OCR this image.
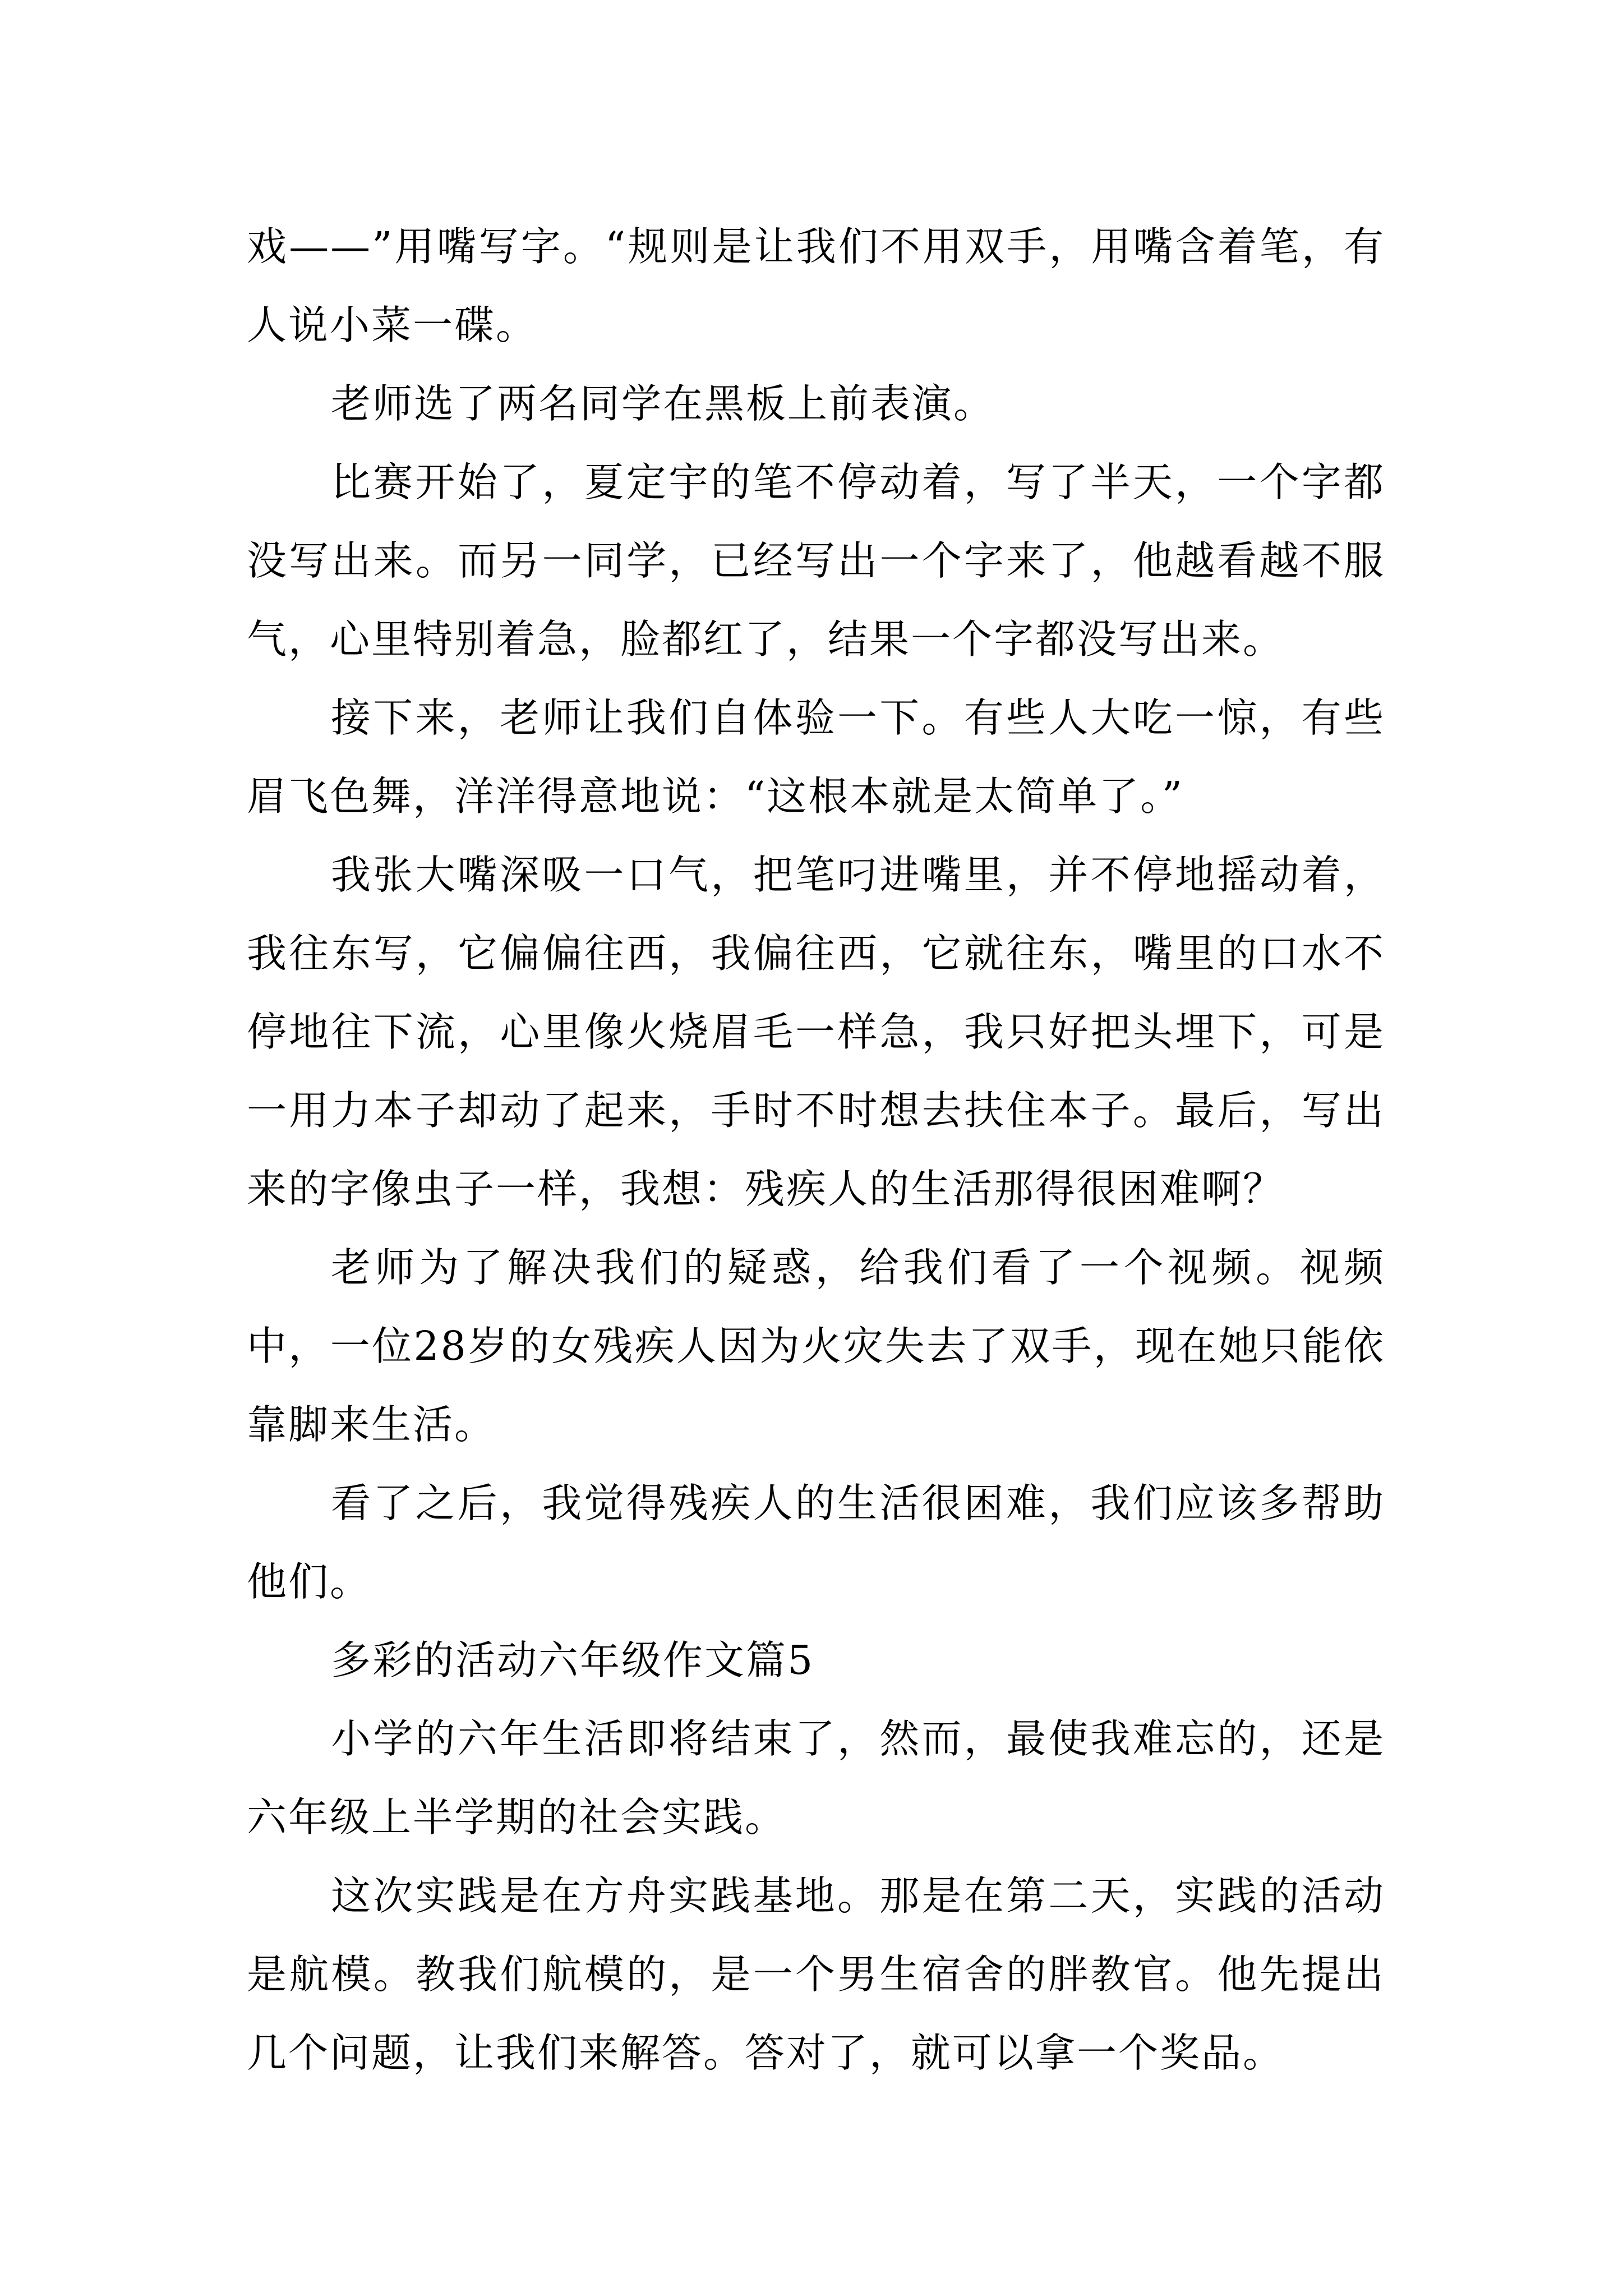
戏——”用嘴写字。“规则是让我们不用双手，用嘴含着笔，有人说小菜一碟。

老师选了两名同学在黑板上前表演。

比赛开始了，夏定宇的笔不停动着，写了半天，一个字都没写出来。而另一同学，已经写出一个字来了，他越看越不服气，心里特别着急，脸都红了，结果一个字都没写出来。

接下来，老师让我们自体验一下。有些人大吃一惊，有些眉飞色舞，洋洋得意地说：“这根本就是太简单了。”

我张大嘴深吸一口气，把笔叼进嘴里，并不停地摇动着，我往东写，它偏偏往西，我偏往西，它就往东，嘴里的口水不停地往下流，心里像火烧眉毛一样急，我只好把头埋下，可是一用力本子却动了起来，手时不时想去扶住本子。最后，写出来的字像虫子一样，我想：残疾人的生活那得很困难啊？

老师为了解决我们的疑惑，给我们看了一个视频。视频中，一位28岁的女残疾人因为火灾失去了双手，现在她只能依靠脚来生活。

看了之后，我觉得残疾人的生活很困难，我们应该多帮助他们。

多彩的活动六年级作文篇5

小学的六年生活即将结束了，然而，最使我难忘的，还是六年级上半学期的社会实践。

这次实践是在方舟实践基地。那是在第二天，实践的活动是航模。教我们航模的，是一个男生宿舍的胖教官。他先提出几个问题，让我们来解答。答对了，就可以拿一个奖品。
